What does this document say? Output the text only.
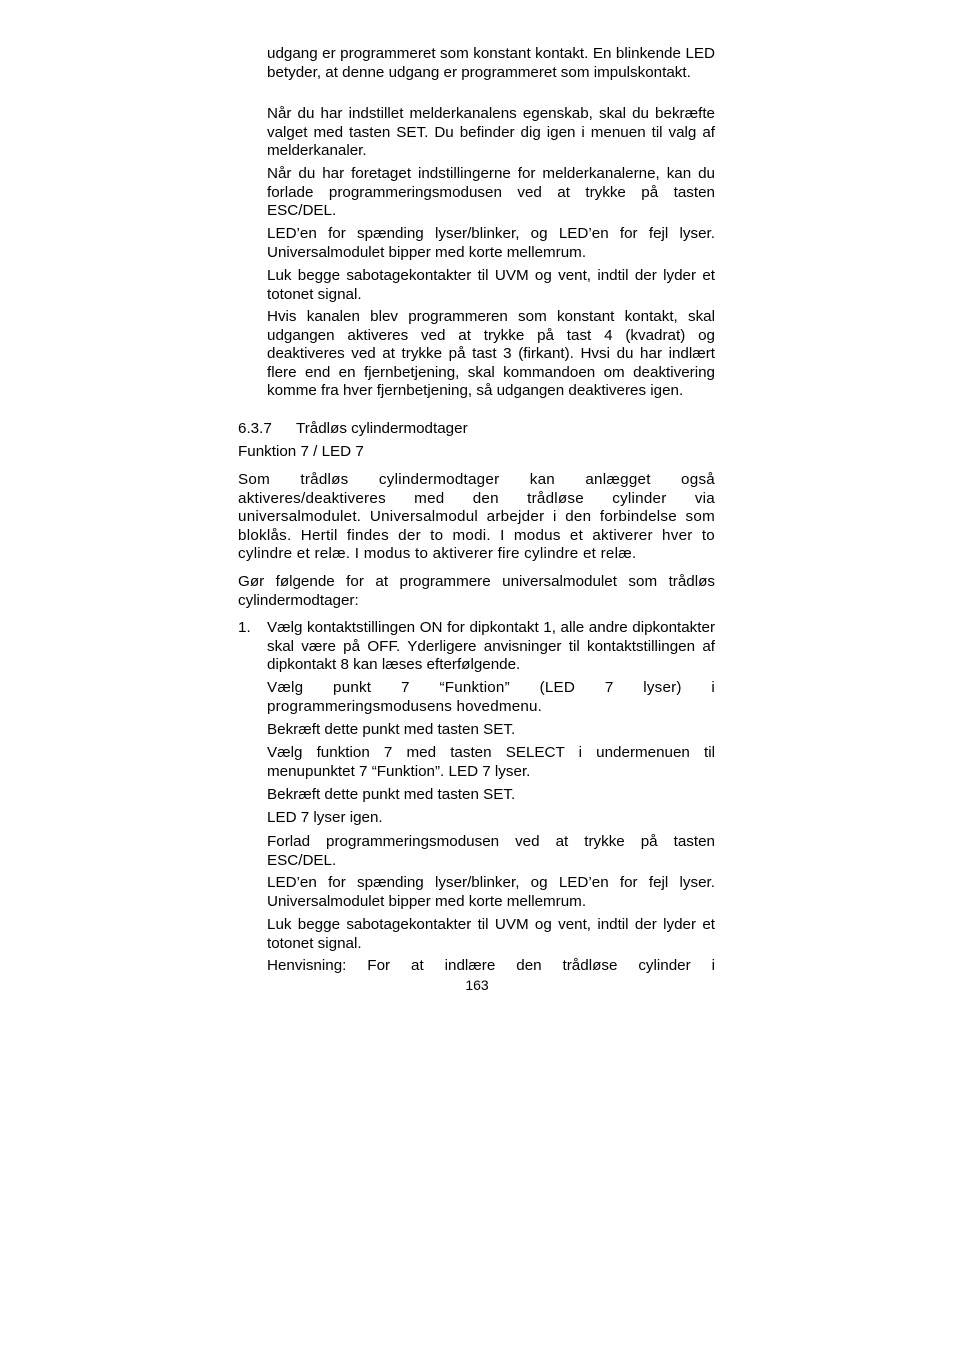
udgang er programmeret som konstant kontakt. En blinkende LED betyder, at denne udgang er programmeret som impulskontakt.

Når du har indstillet melderkanalens egenskab, skal du bekræfte valget med tasten SET. Du befinder dig igen i menuen til valg af melderkanaler.

Når du har foretaget indstillingerne for melderkanalerne, kan du forlade programmeringsmodusen ved at trykke på tasten ESC/DEL.

LED’en for spænding lyser/blinker, og LED’en for fejl lyser. Universalmodulet bipper med korte mellemrum.

Luk begge sabotagekontakter til UVM og vent, indtil der lyder et totonet signal.

Hvis kanalen blev programmeren som konstant kontakt, skal udgangen aktiveres ved at trykke på tast 4 (kvadrat) og deaktiveres ved at trykke på tast 3 (firkant). Hvsi du har indlært flere end en fjernbetjening, skal kommandoen om deaktivering komme fra hver fjernbetjening, så udgangen deaktiveres igen.

6.3.7 Trådløs cylindermodtager
Funktion 7 / LED 7

Som trådløs cylindermodtager kan anlægget også aktiveres/deaktiveres med den trådløse cylinder via universalmodulet. Universalmodul arbejder i den forbindelse som bloklås. Hertil findes der to modi. I modus et aktiverer hver to cylindre et relæ. I modus to aktiverer fire cylindre et relæ.

Gør følgende for at programmere universalmodulet som trådløs cylindermodtager:

1. Vælg kontaktstillingen ON for dipkontakt 1, alle andre dipkontakter skal være på OFF. Yderligere anvisninger til kontaktstillingen af dipkontakt 8 kan læses efterfølgende.

Vælg punkt 7 “Funktion” (LED 7 lyser) i programmeringsmodusens hovedmenu.

Bekræft dette punkt med tasten SET.

Vælg funktion 7 med tasten SELECT i undermenuen til menupunktet 7 “Funktion”. LED 7 lyser.

Bekræft dette punkt med tasten SET.

LED 7 lyser igen.

Forlad programmeringsmodusen ved at trykke på tasten ESC/DEL.

LED’en for spænding lyser/blinker, og LED’en for fejl lyser. Universalmodulet bipper med korte mellemrum.

Luk begge sabotagekontakter til UVM og vent, indtil der lyder et totonet signal.

Henvisning: For at indlære den trådløse cylinder i

163
